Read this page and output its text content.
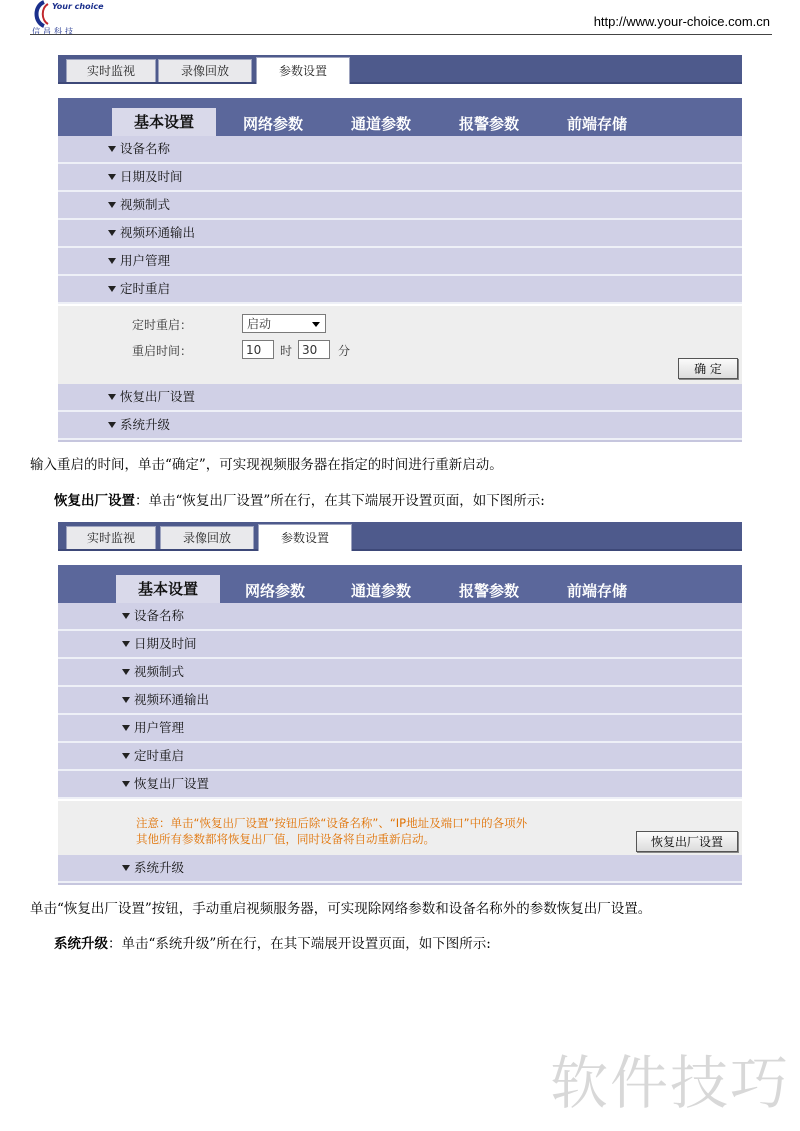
Your choice
信昌科技
http://www.your-choice.com.cn
实时监视	录像回放	参数设置
基本设置	网络参数	通道参数	报警参数	前端存储
设备名称
日期及时间
视频制式
视频环通输出
用户管理
定时重启
定时重启：	启动
重启时间：	10	时 30	分
确 定
恢复出厂设置
系统升级
输入重启的时间，单击“确定”，可实现视频服务器在指定的时间进行重新启动。
恢复出厂设置：单击“恢复出厂设置”所在行，在其下端展开设置页面，如下图所示:
实时监视	录像回放	参数设置
基本设置	网络参数	通道参数	报警参数	前端存储
设备名称
日期及时间
视频制式
视频环通输出
用户管理
定时重启
恢复出厂设置
注意：单击“恢复出厂设置”按钮后除“设备名称”、“IP地址及端口”中的各项外
其他所有参数都将恢复出厂值，同时设备将自动重新启动。	恢复出厂设置
系统升级
单击“恢复出厂设置”按钮，手动重启视频服务器，可实现除网络参数和设备名称外的参数恢复出厂设置。
系统升级：单击“系统升级”所在行，在其下端展开设置页面，如下图所示:
软件技巧
